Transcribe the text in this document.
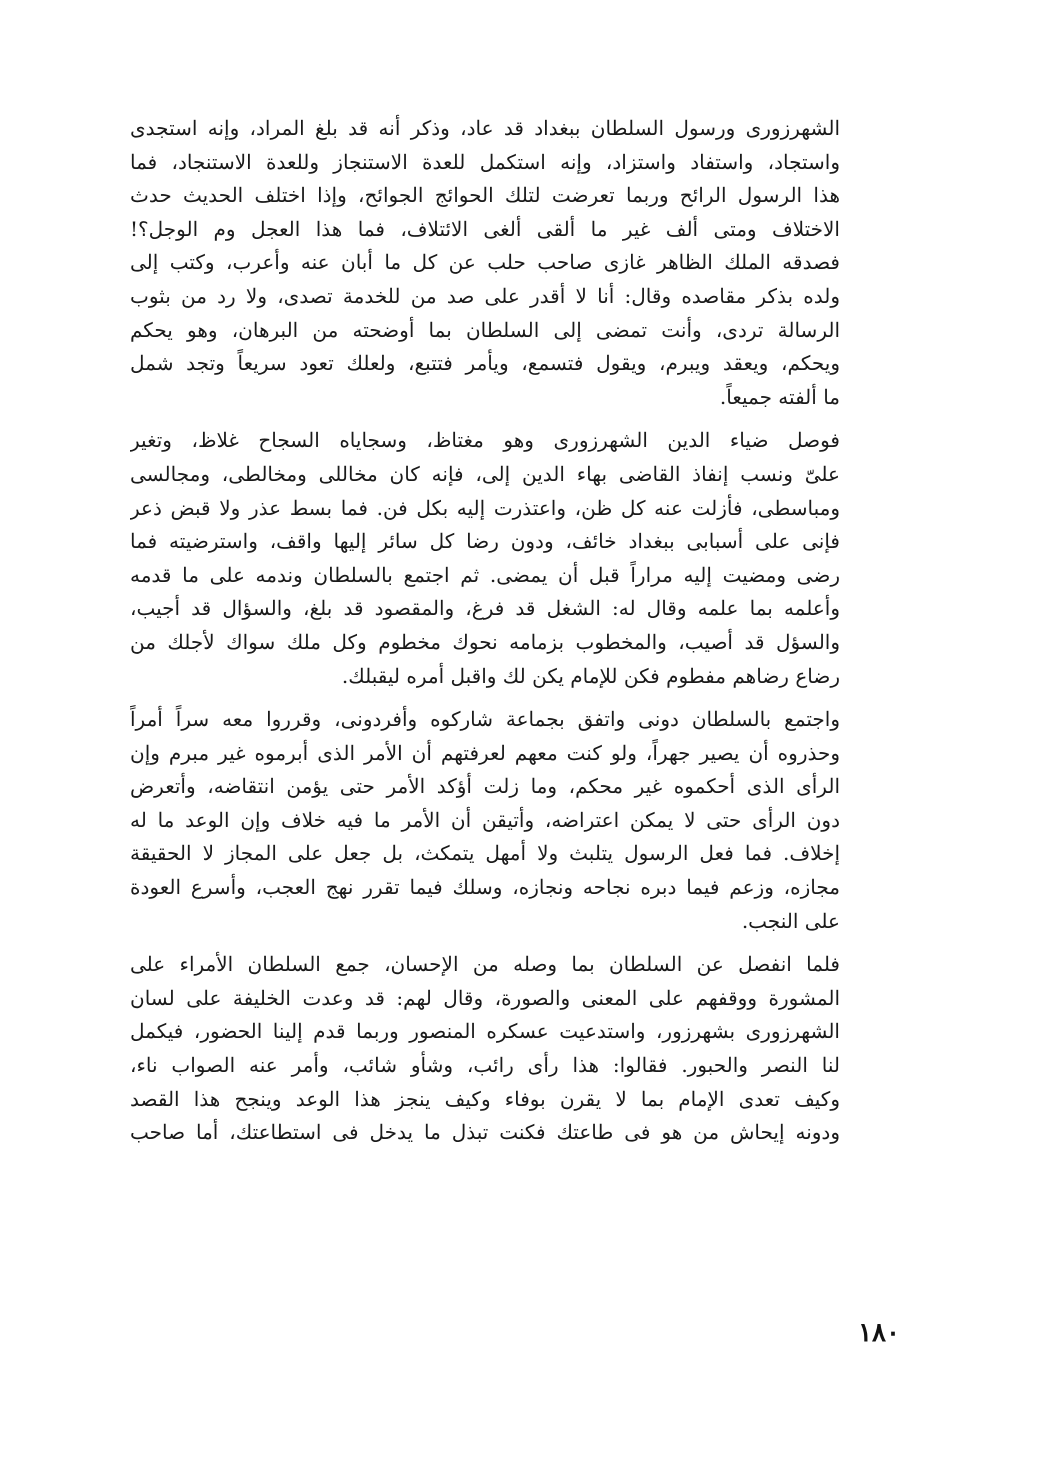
الشهرزورى ورسول السلطان ببغداد قد عاد، وذكر أنه قد بلغ المراد، وإنه استجدى
واستجاد، واستفاد واستزاد، وإنه استكمل للعدة الاستنجاز وللعدة الاستنجاد، فما
هذا الرسول الرائح وربما تعرضت لتلك الحوائج الجوائح، وإذا اختلف الحديث حدث
الاختلاف ومتى ألف غير ما ألقى ألغى الائتلاف، فما هذا العجل وم الوجل؟!
فصدقه الملك الظاهر غازى صاحب حلب عن كل ما أبان عنه وأعرب، وكتب إلى
ولده بذكر مقاصده وقال: أنا لا أقدر على صد من للخدمة تصدى، ولا رد من بثوب
الرسالة تردى، وأنت تمضى إلى السلطان بما أوضحته من البرهان، وهو يحكم
ويحكم، ويعقد ويبرم، ويقول فتسمع، ويأمر فتتبع، ولعلك تعود سريعاً وتجد شمل
ما ألفته جميعاً.
فوصل ضياء الدين الشهرزورى وهو مغتاظ، وسجاياه السجاح غلاظ، وتغير
علىّ ونسب إنفاذ القاضى بهاء الدين إلى، فإنه كان مخاللى ومخالطى، ومجالسى
ومباسطى، فأزلت عنه كل ظن، واعتذرت إليه بكل فن. فما بسط عذر ولا قبض ذعر
فإنى على أسبابى ببغداد خائف، ودون رضا كل سائر إليها واقف، واسترضيته فما
رضى ومضيت إليه مراراً قبل أن يمضى. ثم اجتمع بالسلطان وندمه على ما قدمه
وأعلمه بما علمه وقال له: الشغل قد فرغ، والمقصود قد بلغ، والسؤال قد أجيب،
والسؤل قد أصيب، والمخطوب بزمامه نحوك مخطوم وكل ملك سواك لأجلك من
رضاع رضاهم مفطوم فكن للإمام يكن لك واقبل أمره ليقبلك.
واجتمع بالسلطان دونى واتفق بجماعة شاركوه وأفردونى، وقرروا معه سراً أمراً
وحذروه أن يصير جهراً، ولو كنت معهم لعرفتهم أن الأمر الذى أبرموه غير مبرم وإن
الرأى الذى أحكموه غير محكم، وما زلت أؤكد الأمر حتى يؤمن انتقاضه، وأتعرض
دون الرأى حتى لا يمكن اعتراضه، وأتيقن أن الأمر ما فيه خلاف وإن الوعد ما له
إخلاف. فما فعل الرسول يتلبث ولا أمهل يتمكث، بل جعل على المجاز لا الحقيقة
مجازه، وزعم فيما دبره نجاحه ونجازه، وسلك فيما تقرر نهج العجب، وأسرع العودة
على النجب.
فلما انفصل عن السلطان بما وصله من الإحسان، جمع السلطان الأمراء على
المشورة ووقفهم على المعنى والصورة، وقال لهم: قد وعدت الخليفة على لسان
الشهرزورى بشهرزور، واستدعيت عسكره المنصور وربما قدم إلينا الحضور، فيكمل
لنا النصر والحبور. فقالوا: هذا رأى رائب، وشأو شائب، وأمر عنه الصواب ناء،
وكيف تعدى الإمام بما لا يقرن بوفاء وكيف ينجز هذا الوعد وينجح هذا القصد
ودونه إيحاش من هو فى طاعتك فكنت تبذل ما يدخل فى استطاعتك، أما صاحب
١٨٠
